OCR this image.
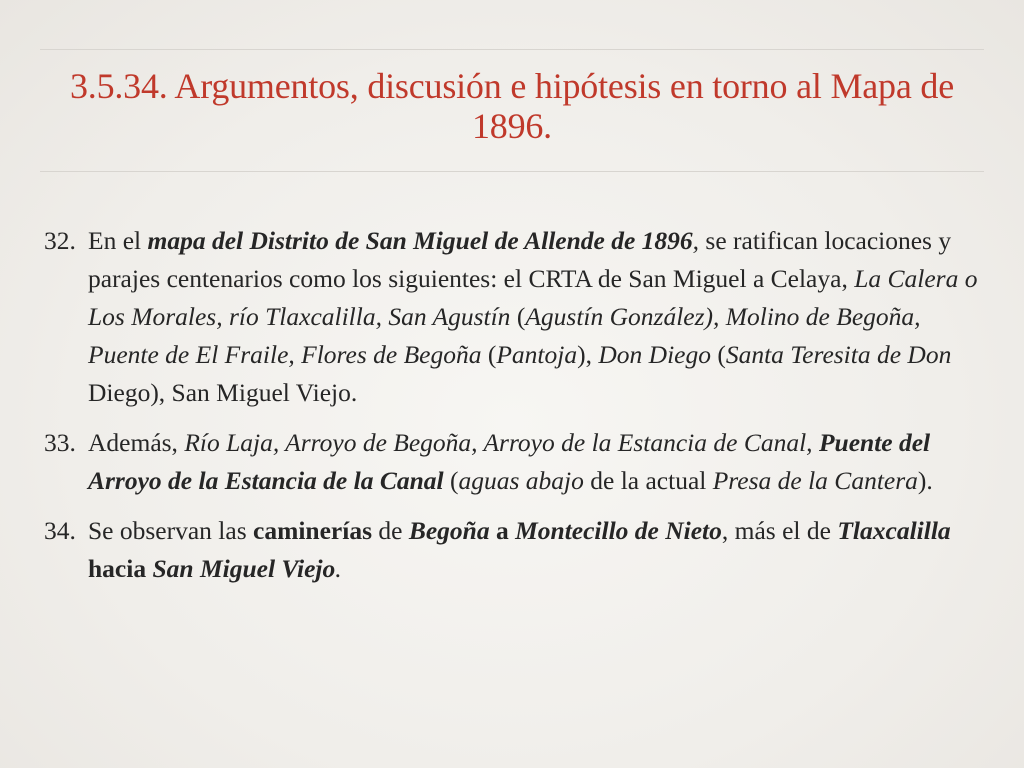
3.5.34. Argumentos, discusión e hipótesis en torno al Mapa de 1896.
32. En el mapa del Distrito de San Miguel de Allende de 1896, se ratifican locaciones y parajes centenarios como los siguientes: el CRTA de San Miguel a Celaya, La Calera o Los Morales, río Tlaxcalilla, San Agustín (Agustín González), Molino de Begoña, Puente de El Fraile, Flores de Begoña (Pantoja), Don Diego (Santa Teresita de Don Diego), San Miguel Viejo.
33. Además, Río Laja, Arroyo de Begoña, Arroyo de la Estancia de Canal, Puente del Arroyo de la Estancia de la Canal (aguas abajo de la actual Presa de la Cantera).
34. Se observan las caminerías de Begoña a Montecillo de Nieto, más el de Tlaxcalilla hacia San Miguel Viejo.
